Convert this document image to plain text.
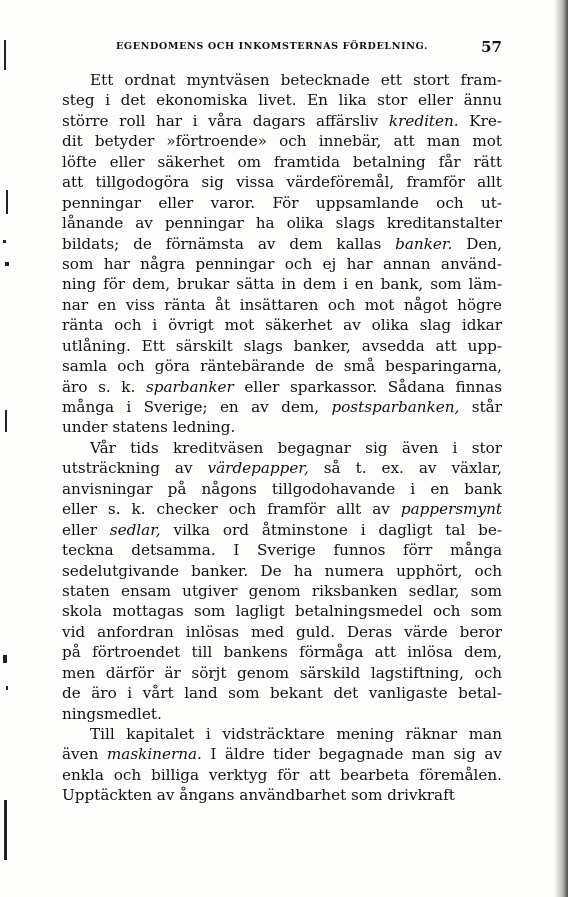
EGENDOMENS OCH INKOMSTERNAS FÖRDELNING.	57
Ett ordnat myntväsen betecknade ett stort fram-
steg i det ekonomiska livet. En lika stor eller ännu
större roll har i våra dagars affärsliv krediten. Kre-
dit betyder »förtroende» och innebär, att man mot
löfte eller säkerhet om framtida betalning får rätt
att tillgodogöra sig vissa värdeföremål, framför allt
penningar eller varor. För uppsamlande och ut-
lånande av penningar ha olika slags kreditanstalter
bildats; de förnämsta av dem kallas banker. Den,
som har några penningar och ej har annan använd-
ning för dem, brukar sätta in dem i en bank, som läm-
nar en viss ränta åt insättaren och mot något högre
ränta och i övrigt mot säkerhet av olika slag idkar
utlåning. Ett särskilt slags banker, avsedda att upp-
samla och göra räntebärande de små besparingarna,
äro s. k. sparbanker eller sparkassor. Sådana finnas
många i Sverige; en av dem, postsparbanken, står
under statens ledning.
Vår tids kreditväsen begagnar sig även i stor
utsträckning av värdepapper, så t. ex. av växlar,
anvisningar på någons tillgodohavande i en bank
eller s. k. checker och framför allt av pappersmynt
eller sedlar, vilka ord åtminstone i dagligt tal be-
teckna detsamma. I Sverige funnos förr många
sedelutgivande banker. De ha numera upphört, och
staten ensam utgiver genom riksbanken sedlar, som
skola mottagas som lagligt betalningsmedel och som
vid anfordran inlösas med guld. Deras värde beror
på förtroendet till bankens förmåga att inlösa dem,
men därför är sörjt genom särskild lagstiftning, och
de äro i vårt land som bekant det vanligaste betal-
ningsmedlet.
Till kapitalet i vidsträcktare mening räknar man
även maskinerna. I äldre tider begagnade man sig av
enkla och billiga verktyg för att bearbeta föremålen.
Upptäckten av ångans användbarhet som drivkraft
